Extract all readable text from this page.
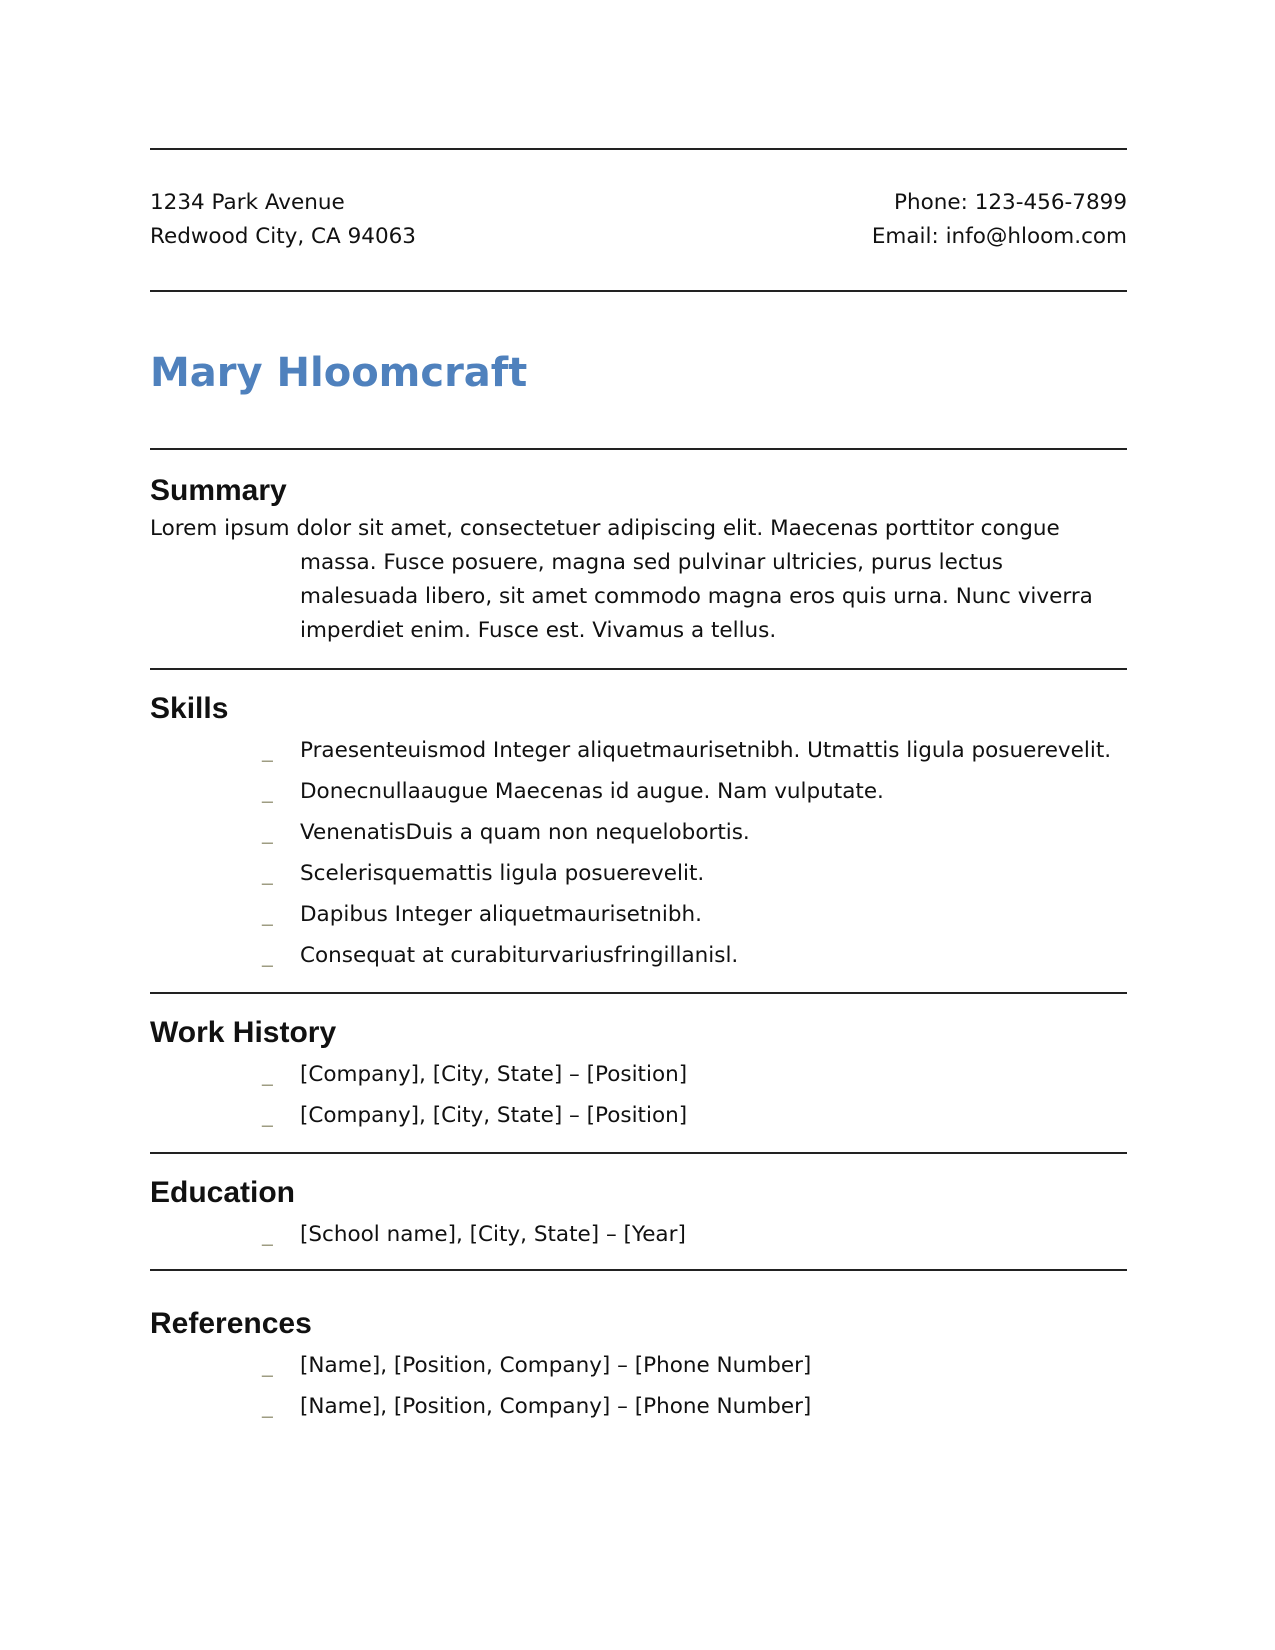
1234 Park Avenue
Redwood City, CA 94063
Phone: 123-456-7899
Email: info@hloom.com
Mary Hloomcraft
Summary

Lorem ipsum dolor sit amet, consectetuer adipiscing elit. Maecenas porttitor congue massa. Fusce posuere, magna sed pulvinar ultricies, purus lectus malesuada libero, sit amet commodo magna eros quis urna. Nunc viverra imperdiet enim. Fusce est. Vivamus a tellus.

Skills
_ Praesenteuismod Integer aliquetmaurisetnibh. Utmattis ligula posuerevelit.
_ Donecnullaaugue Maecenas id augue. Nam vulputate.
_ VenenatisDuis a quam non nequelobortis.
_ Scelerisquemattis ligula posuerevelit.
_ Dapibus Integer aliquetmaurisetnibh.
_ Consequat at curabiturvariusfringillanisl.
Work History
_ [Company], [City, State] – [Position]
_ [Company], [City, State] – [Position]
Education
_ [School name], [City, State] – [Year]
References
_ [Name], [Position, Company] – [Phone Number]
_ [Name], [Position, Company] – [Phone Number]
